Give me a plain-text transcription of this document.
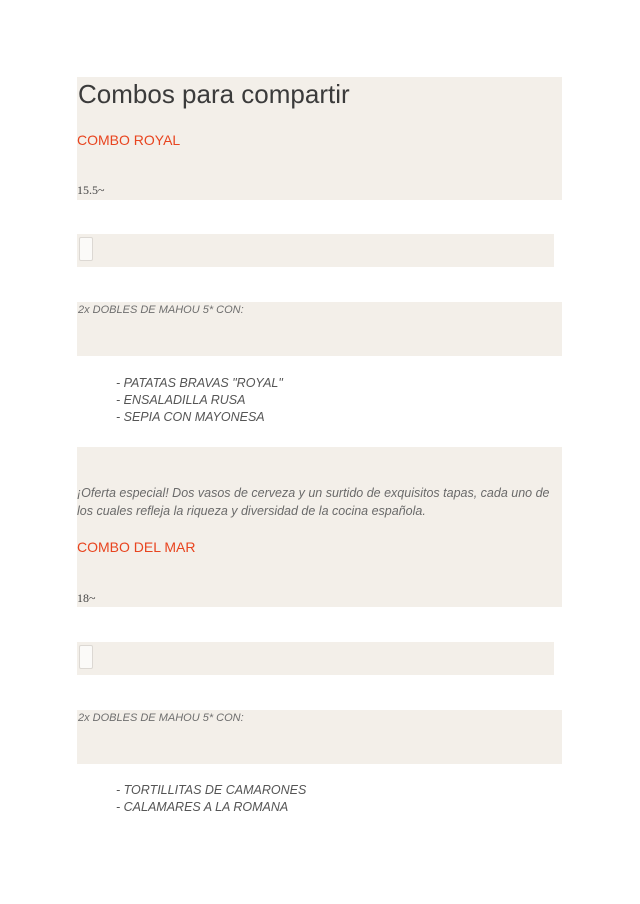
Combos para compartir
COMBO ROYAL
15.5~
2x DOBLES DE MAHOU 5* CON:
- PATATAS BRAVAS "ROYAL"
- ENSALADILLA RUSA
- SEPIA CON MAYONESA

¡Oferta especial! Dos vasos de cerveza y un surtido de exquisitos tapas, cada uno de los cuales refleja la riqueza y diversidad de la cocina española.

COMBO DEL MAR
18~
2x DOBLES DE MAHOU 5* CON:
- TORTILLITAS DE CAMARONES
- CALAMARES A LA ROMANA
